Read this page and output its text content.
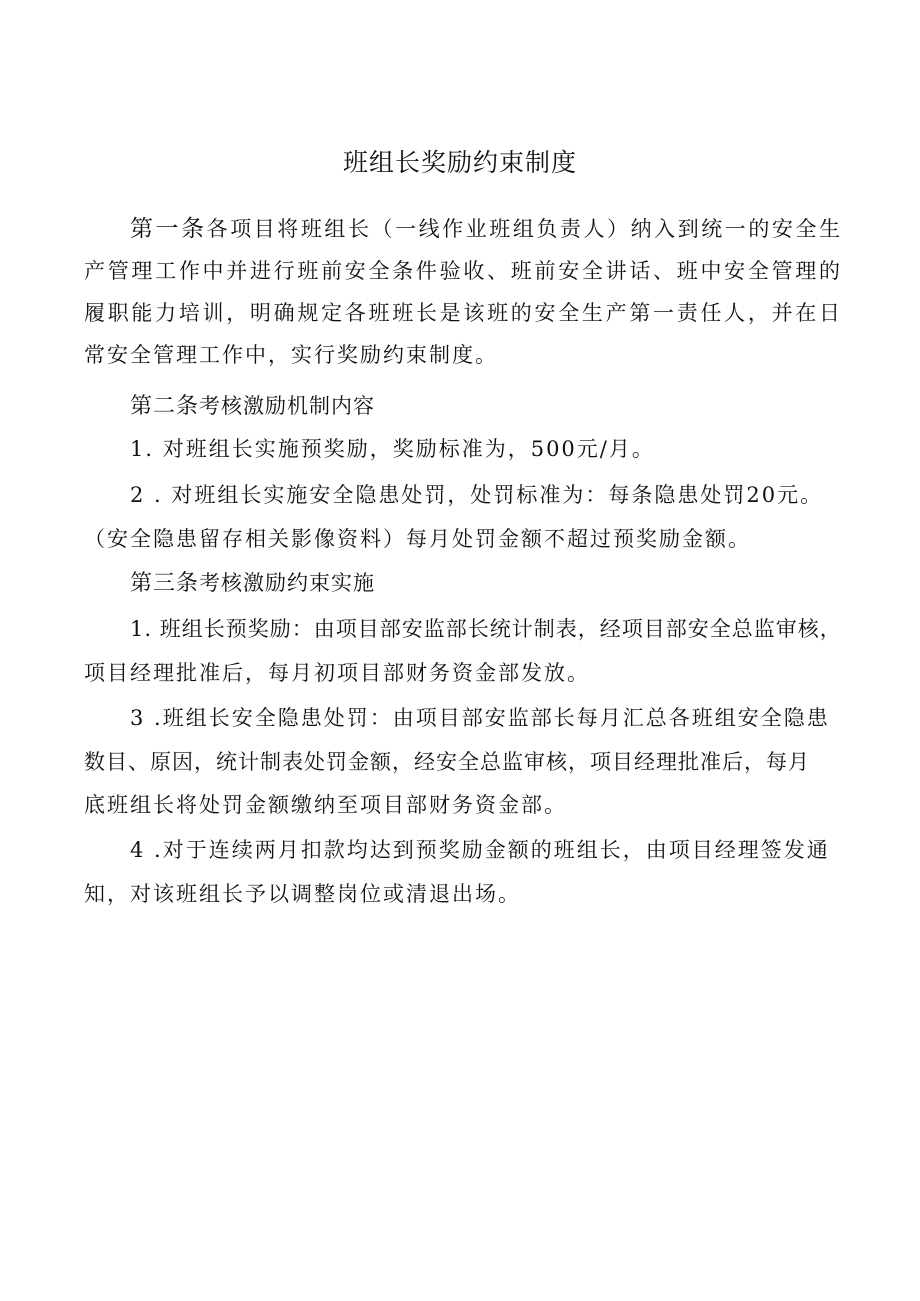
班组长奖励约束制度

第一条各项目将班组长（一线作业班组负责人）纳入到统一的安全生产管理工作中并进行班前安全条件验收、班前安全讲话、班中安全管理的履职能力培训，明确规定各班班长是该班的安全生产第一责任人，并在日常安全管理工作中，实行奖励约束制度。

第二条考核激励机制内容
1. 对班组长实施预奖励，奖励标准为，500元/月。
2 . 对班组长实施安全隐患处罚，处罚标准为：每条隐患处罚20元。
（安全隐患留存相关影像资料）每月处罚金额不超过预奖励金额。
第三条考核激励约束实施
1. 班组长预奖励：由项目部安监部长统计制表，经项目部安全总监审核，
项目经理批准后，每月初项目部财务资金部发放。
3 .班组长安全隐患处罚：由项目部安监部长每月汇总各班组安全隐患
数目、原因，统计制表处罚金额，经安全总监审核，项目经理批准后，每月
底班组长将处罚金额缴纳至项目部财务资金部。
4 .对于连续两月扣款均达到预奖励金额的班组长，由项目经理签发通
知，对该班组长予以调整岗位或清退出场。
